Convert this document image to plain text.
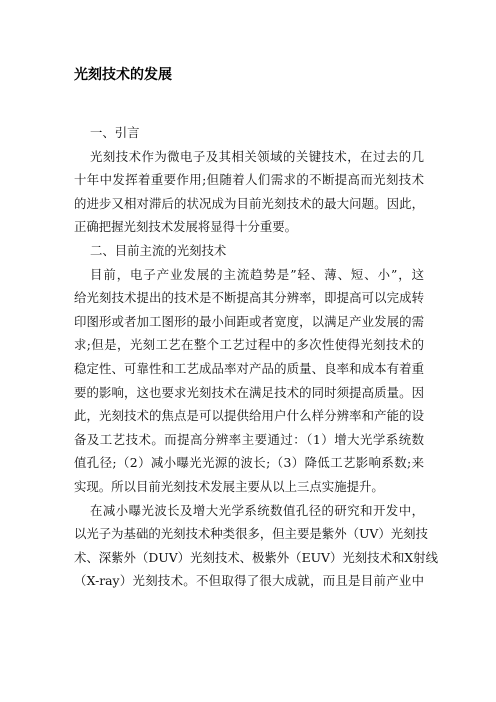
光刻技术的发展
一、引言
光刻技术作为微电子及其相关领域的关键技术，在过去的几
十年中发挥着重要作用;但随着人们需求的不断提高而光刻技术
的进步又相对滞后的状况成为目前光刻技术的最大问题。因此，
正确把握光刻技术发展将显得十分重要。
二、目前主流的光刻技术
目前，电子产业发展的主流趋势是”轻、薄、短、小”，这
给光刻技术提出的技术是不断提高其分辨率，即提高可以完成转
印图形或者加工图形的最小间距或者宽度，以满足产业发展的需
求;但是，光刻工艺在整个工艺过程中的多次性使得光刻技术的
稳定性、可靠性和工艺成品率对产品的质量、良率和成本有着重
要的影响，这也要求光刻技术在满足技术的同时须提高质量。因
此，光刻技术的焦点是可以提供给用户什么样分辨率和产能的设
备及工艺技术。而提高分辨率主要通过：（1）增大光学系统数
值孔径;（2）减小曝光光源的波长;（3）降低工艺影响系数;来
实现。所以目前光刻技术发展主要从以上三点实施提升。
在减小曝光波长及增大光学系统数值孔径的研究和开发中，
以光子为基础的光刻技术种类很多，但主要是紫外（UV）光刻技
术、深紫外（DUV）光刻技术、极紫外（EUV）光刻技术和X射线
（X-ray）光刻技术。不但取得了很大成就，而且是目前产业中
